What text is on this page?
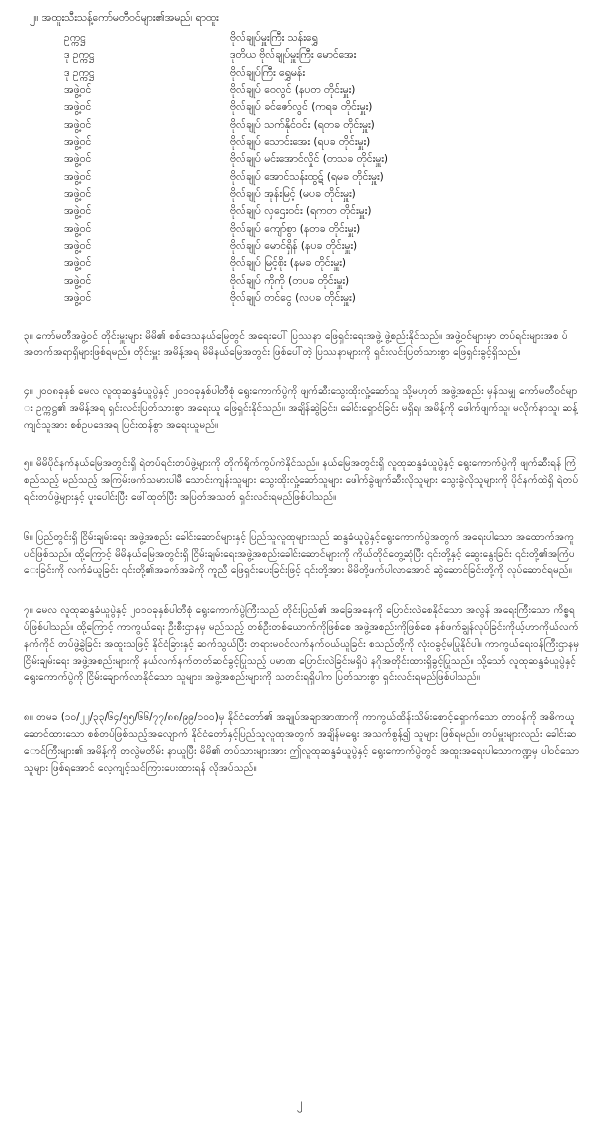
၂။ အထူးသီးသန့်ကော်မတီဝင်များ၏အမည်၊ ရာထူး
ဥက္ကဋ္ဌ	ဗိုလ်ချုပ်မှူးကြီး သန်းရွှေ
ဒု ဥက္ကဋ္ဌ	ဒုတိယ ဗိုလ်ချုပ်မှူးကြီး မောင်အေး
ဒု ဥက္ကဋ္ဌ	ဗိုလ်ချုပ်ကြီး ရွှေမန်း
အဖွဲ့ဝင်	ဗိုလ်ချုပ် ဝေလွင် (နပတ တိုင်းမှူး)
အဖွဲ့ဝင်	ဗိုလ်ချုပ် ခင်ဇော်လွင် (ကရခ တိုင်းမှူး)
အဖွဲ့ဝင်	ဗိုလ်ချုပ် သက်နိုင်ဝင်း (ရတခ တိုင်းမှူး)
အဖွဲ့ဝင်	ဗိုလ်ချုပ် သောင်းအေး (ရပခ တိုင်းမှူး)
အဖွဲ့ဝင်	ဗိုလ်ချုပ် မင်းအောင်လှိုင် (တသခ တိုင်းမှူး)
အဖွဲ့ဝင်	ဗိုလ်ချုပ် အောင်သန်းထွဋ် (ရမခ တိုင်းမှူး)
အဖွဲ့ဝင်	ဗိုလ်ချုပ် အုန်းမြင့် (မပခ တိုင်းမှူး)
အဖွဲ့ဝင်	ဗိုလ်ချုပ် လှဌေးဝင်း (ရကတ တိုင်းမှူး)
အဖွဲ့ဝင်	ဗိုလ်ချုပ် ကျော်စွာ (နတခ တိုင်းမှူး)
အဖွဲ့ဝင်	ဗိုလ်ချုပ် မောင်ရှိန် (နပခ တိုင်းမှူး)
အဖွဲ့ဝင်	ဗိုလ်ချုပ် မြင့်စိုး (နမခ တိုင်းမှူး)
အဖွဲ့ဝင်	ဗိုလ်ချုပ် ကိုကို (တပခ တိုင်းမှူး)
အဖွဲ့ဝင်	ဗိုလ်ချုပ် တင်ငွေ (လပခ တိုင်းမှူး)

၃။ ကော်မတီအဖွဲ့ဝင် တိုင်းမှူးများ မိမိ၏ စစ်ဒေသနယ်မြေတွင် အရေးပေါ် ပြဿနာ ဖြေရှင်းရေးအဖွဲ့ ဖွဲ့စည်းနိုင်သည်။ အဖွဲ့ဝင်များမှာ တပ်ရင်းများအစ ပ် အတက်အရာရှိများဖြစ်ရမည်။ တိုင်းမှူး အမိန့်အရ မိမိနယ်မြေအတွင်း ဖြစ်ပေါ်တဲ့ ပြဿနာများကို ရှင်းလင်းပြတ်သားစွာ ဖြေရှင်းခွင့်ရှိသည်။

၄။ ၂၀၀၈ခုနှစ် မေလ လူထုဆန္ဒခံယူပွဲနှင့် ၂၀၁၀ခုနှစ်ပါတီစုံ ရွေးကောက်ပွဲကို ဖျက်ဆီးသွေးထိုးလှုံ့ဆော်သူ သို့မဟုတ် အဖွဲ့အစည်း မှန်သမျှ ကော်မတီဝင်များ ဥက္ကဋ္ဌ၏ အမိန့်အရ ရှင်းလင်းပြတ်သားစွာ အရေးယူ ဖြေရှင်းနိုင်သည်။ အချိန်ဆွဲခြင်း၊ ခေါင်းရှောင်ခြင်း မရှိရ၊ အမိန့်ကို ဖေါက်ဖျက်သူ၊ မလိုက်နာသူ၊ ဆန့်ကျင်သူအား စစ်ဥပဒေအရ ပြင်းထန်စွာ အရေးယူမည်။

၅။ မိမိပိုင်နက်နယ်မြေအတွင်းရှိ ရဲတပ်ရင်းတပ်ဖွဲ့များကို တိုက်ရိုက်ကွပ်ကဲနိုင်သည်။ နယ်မြေအတွင်းရှိ လူထုဆန္ဒခံယူပွဲနှင့် ရွေးကောက်ပွဲကို ဖျက်ဆီးရန် ကြံစည်သည့် မည်သည့် အကြမ်းဖက်သမားပါမီ သောင်းကျန်းသူများ သွေးထိုးလှုံ့ဆော်သူများ ဖေါက်ခွဲဖျက်ဆီးလိုသူများ သွေးခွဲလိုသူများကို ပိုင်နက်ထဲရှိ ရဲတပ်ရင်းတပ်ဖွဲ့များနှင့် ပူးပေါင်းပြီး ဖေါ်ထုတ်ပြီး အပြတ်အသတ် ရှင်းလင်းရမည်ဖြစ်ပါသည်။

၆။ ပြည်တွင်းရှိ ငြိမ်းချမ်းရေး အဖွဲ့အစည်း ခေါင်းဆောင်များနှင့် ပြည်သူလူထုများသည် ဆန္ဒခံယူပွဲနှင့်ရွေးကောက်ပွဲအတွက် အရေးပါသော အထောက်အကူပင်ဖြစ်သည်။ ထို့ကြောင့် မိမိနယ်မြေအတွင်းရှိ ငြိမ်းချမ်းရေးအဖွဲ့အစည်းခေါင်းဆောင်များကို ကိုယ်တိုင်တွေ့ဆုံပြီး ၎င်းတို့နှင့် ဆွေးနွေးခြင်း ၎င်းတို့၏အကြံပေးခြင်းကို လက်ခံယူခြင်း ၎င်းတို့၏အခက်အခဲကို ကူညီ ဖြေရှင်းပေးခြင်းဖြင့် ၎င်းတို့အား မိမိတို့ဖက်ပါလာအောင် ဆွဲဆောင်ခြင်းတို့ကို လုပ်ဆောင်ရမည်။

၇။ မေလ လူထုဆန္ဒခံယူပွဲနှင့် ၂၀၁၀ခုနှစ်ပါတီစုံ ရွေးကောက်ပွဲကြီးသည် တိုင်းပြည်၏ အခြေအနေကို ပြောင်းလဲစေနိုင်သော အလွန် အရေးကြီးသော ကိစ္စရပ်ဖြစ်ပါသည်။ ထို့ကြောင့် ကာကွယ်ရေး ဦးစီးဌာနမှ မည်သည့် တစ်ဦးတစ်ယောက်ကိုဖြစ်စေ အဖွဲ့အစည်းကိုဖြစ်စေ နစ်ဖက်ချွန်လုပ်ခြင်းကိုယ့်ဟာကိုယ်လက်နက်ကိုင် တပ်ဖွဲ့ခွဲခြင်း အထူးသဖြင့် နိုင်ငံခြားနှင့် ဆက်သွယ်ပြီး တရားမဝင်လက်နက်ဝယ်ယူခြင်း စသည်တို့ကို လုံးဝခွင့်မပြုနိုင်ပါ။ ကာကွယ်ရေးဝန်ကြီးဌာနမှ ငြိမ်းချမ်းရေး အဖွဲ့အစည်းများကို နယ်လက်နက်တတ်ဆင်ခွင့်ပြုသည့် ပမာဏ ပြောင်းလဲခြင်းမရှိပဲ နဂိုအတိုင်းထားရှိခွင့်ပြုသည်။ သို့သော် လူထုဆန္ဒခံယူပွဲနှင့် ရွေးကောက်ပွဲကို ငြိမ်းချောက်လာနိုင်သော သူများ၊ အဖွဲ့အစည်းများကို သတင်းရရှိပါက ပြတ်သားစွာ ရှင်းလင်းရမည်ဖြစ်ပါသည်။

၈။ တမခ (၁၀/၂၂/၃၃/၆၄/၅၅/၆၆/၇၇/၈၈/၉၉/၁၀၀)မှ နိုင်ငံတော်၏ အချုပ်အချာအာဏာကို ကာကွယ်ထိန်းသိမ်းစောင့်ရှောက်သော တာဝန်ကို အဓိကယူဆောင်ထားသော စစ်တပ်ဖြစ်သည့်အလျောက် နိုင်ငံတော်နှင့်ပြည်သူလူထုအတွက် အချိန်မရွေး အသက်စွန့်၍ သူများ ဖြစ်ရမည်။ တပ်မှူးများလည်း ခေါင်းဆောင်ကြီးများ၏ အမိန့်ကို တလွဲမတိမ်း နာယူပြီး မိမိ၏ တပ်သားများအား ဤလူထုဆန္ဒခံယူပွဲနှင့် ရွေးကောက်ပွဲတွင် အထူးအရေးပါသောကဏ္ဍမှ ပါဝင်သော သူများ ဖြစ်ရအောင် လေ့ကျင့်သင်ကြားပေးထားရန် လိုအပ်သည်။

၂
